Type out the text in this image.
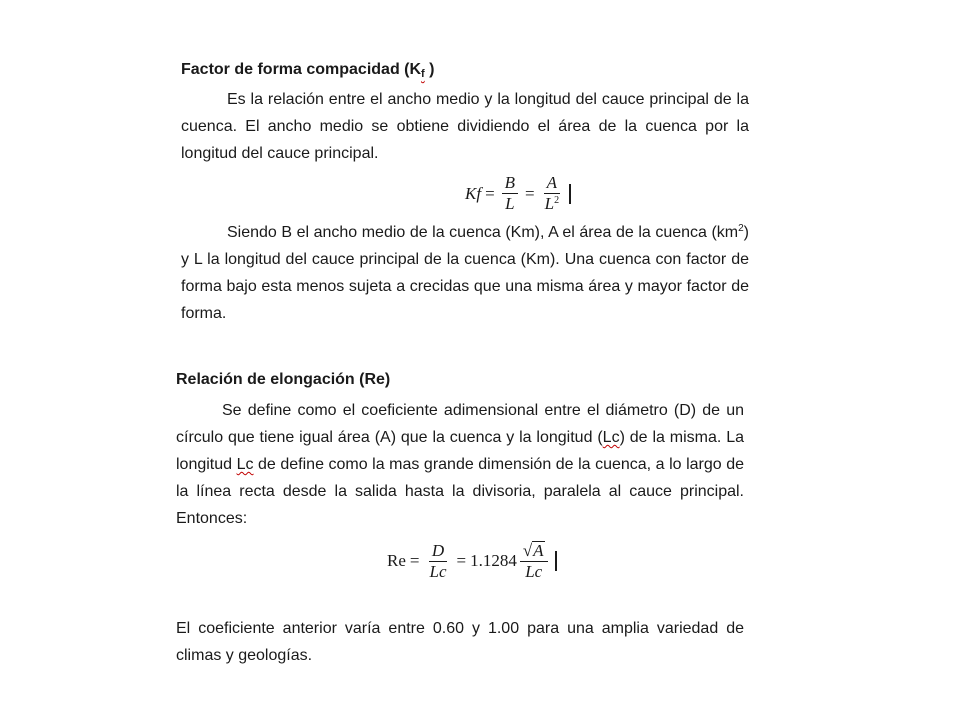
Factor de forma compacidad ($K_f$ )
Es la relación entre el ancho medio y la longitud del cauce principal de la cuenca. El ancho medio se obtiene dividiendo el área de la cuenca por la longitud del cauce principal.
$Kf = \frac{B}{L} = \frac{A}{L^2}$
Siendo B el ancho medio de la cuenca (Km), A el área de la cuenca $(km^2)$ y L la longitud del cauce principal de la cuenca (Km). Una cuenca con factor de forma bajo esta menos sujeta a crecidas que una misma área y mayor factor de forma.
Relación de elongación (Re)
Se define como el coeficiente adimensional entre el diámetro (D) de un círculo que tiene igual área (A) que la cuenca y la longitud (Lc) de la misma. La longitud Lc de define como la mas grande dimensión de la cuenca, a lo largo de la línea recta desde la salida hasta la divisoria, paralela al cauce principal. Entonces:
$Re = \frac{D}{Lc} = 1.1284 \frac{√ A}{Lc}$
El coeficiente anterior varía entre 0.60 y 1.00 para una amplia variedad de climas y geologías.
